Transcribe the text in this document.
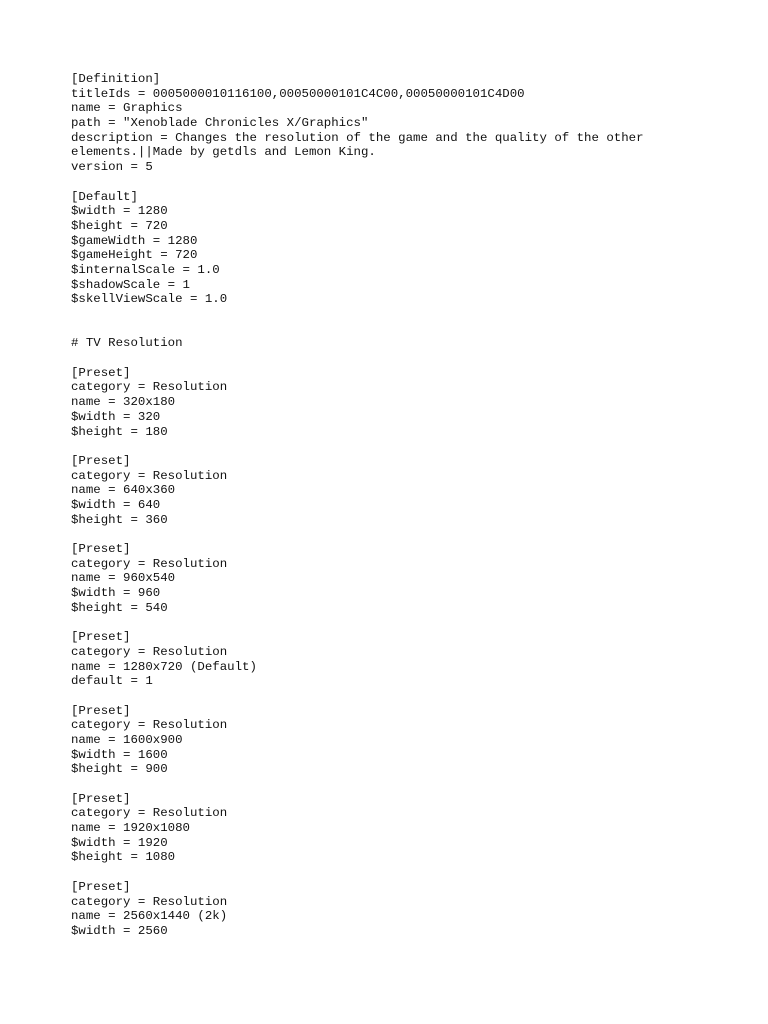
[Definition]
titleIds = 0005000010116100,00050000101C4C00,00050000101C4D00
name = Graphics
path = "Xenoblade Chronicles X/Graphics"
description = Changes the resolution of the game and the quality of the other
elements.||Made by getdls and Lemon King.
version = 5
[Default]
$width = 1280
$height = 720
$gameWidth = 1280
$gameHeight = 720
$internalScale = 1.0
$shadowScale = 1
$skellViewScale = 1.0
# TV Resolution
[Preset]
category = Resolution
name = 320x180
$width = 320
$height = 180
[Preset]
category = Resolution
name = 640x360
$width = 640
$height = 360
[Preset]
category = Resolution
name = 960x540
$width = 960
$height = 540
[Preset]
category = Resolution
name = 1280x720 (Default)
default = 1
[Preset]
category = Resolution
name = 1600x900
$width = 1600
$height = 900
[Preset]
category = Resolution
name = 1920x1080
$width = 1920
$height = 1080
[Preset]
category = Resolution
name = 2560x1440 (2k)
$width = 2560
